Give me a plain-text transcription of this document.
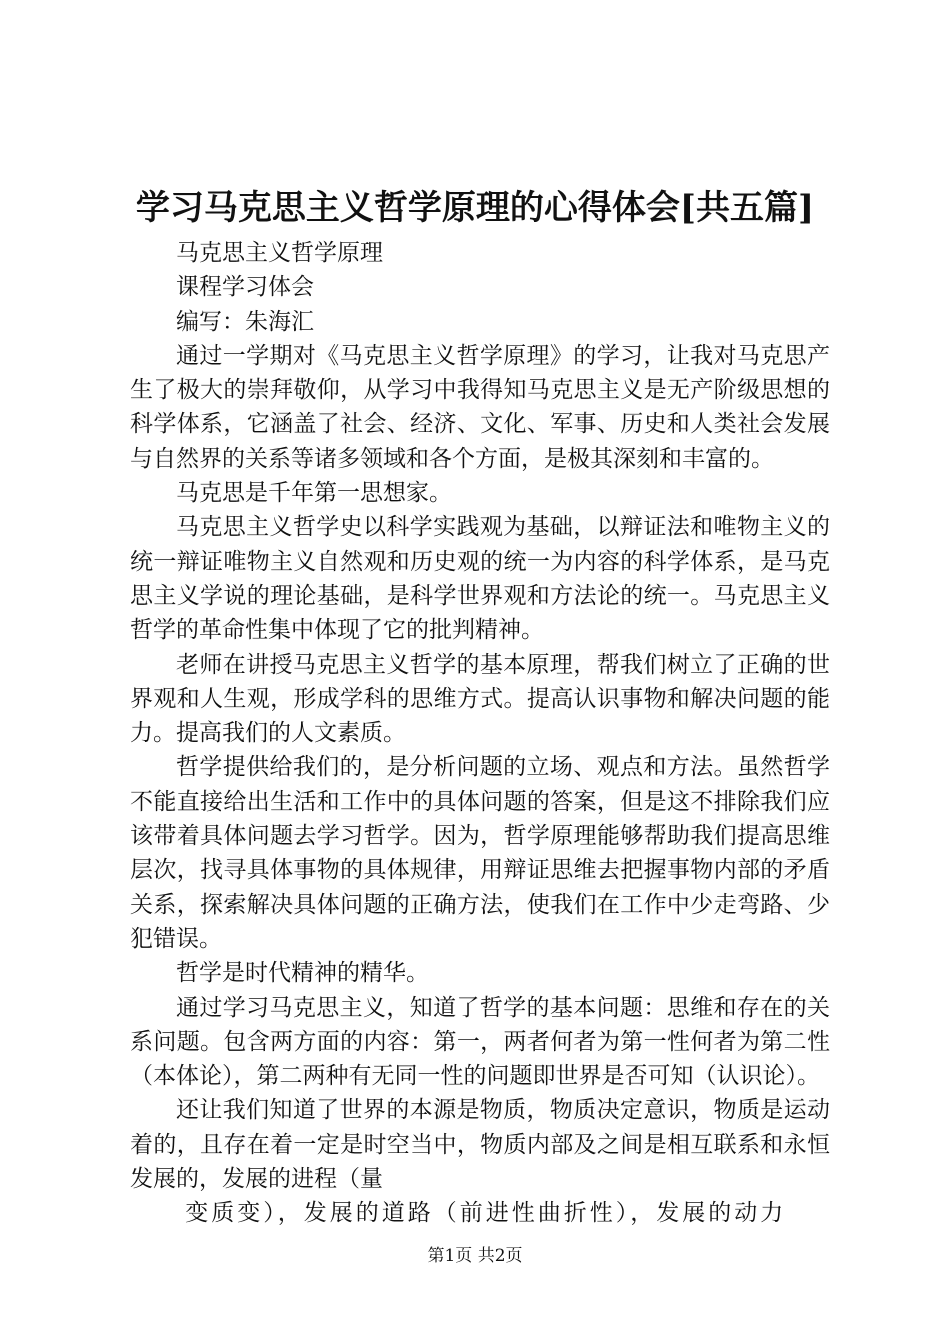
学习马克思主义哲学原理的心得体会[共五篇]

马克思主义哲学原理

课程学习体会

编写：朱海汇

通过一学期对《马克思主义哲学原理》的学习，让我对马克思产生了极大的崇拜敬仰，从学习中我得知马克思主义是无产阶级思想的科学体系，它涵盖了社会、经济、文化、军事、历史和人类社会发展与自然界的关系等诸多领域和各个方面，是极其深刻和丰富的。

马克思是千年第一思想家。

马克思主义哲学史以科学实践观为基础，以辩证法和唯物主义的统一辩证唯物主义自然观和历史观的统一为内容的科学体系，是马克思主义学说的理论基础，是科学世界观和方法论的统一。马克思主义哲学的革命性集中体现了它的批判精神。

老师在讲授马克思主义哲学的基本原理，帮我们树立了正确的世界观和人生观，形成学科的思维方式。提高认识事物和解决问题的能力。提高我们的人文素质。

哲学提供给我们的，是分析问题的立场、观点和方法。虽然哲学不能直接给出生活和工作中的具体问题的答案，但是这不排除我们应该带着具体问题去学习哲学。因为，哲学原理能够帮助我们提高思维层次，找寻具体事物的具体规律，用辩证思维去把握事物内部的矛盾关系，探索解决具体问题的正确方法，使我们在工作中少走弯路、少犯错误。

哲学是时代精神的精华。

通过学习马克思主义，知道了哲学的基本问题：思维和存在的关系问题。包含两方面的内容：第一，两者何者为第一性何者为第二性（本体论），第二两种有无同一性的问题即世界是否可知（认识论）。

还让我们知道了世界的本源是物质，物质决定意识，物质是运动着的，且存在着一定是时空当中，物质内部及之间是相互联系和永恒发展的，发展的进程（量

变质变），发展的道路（前进性曲折性），发展的动力

第1页 共2页
